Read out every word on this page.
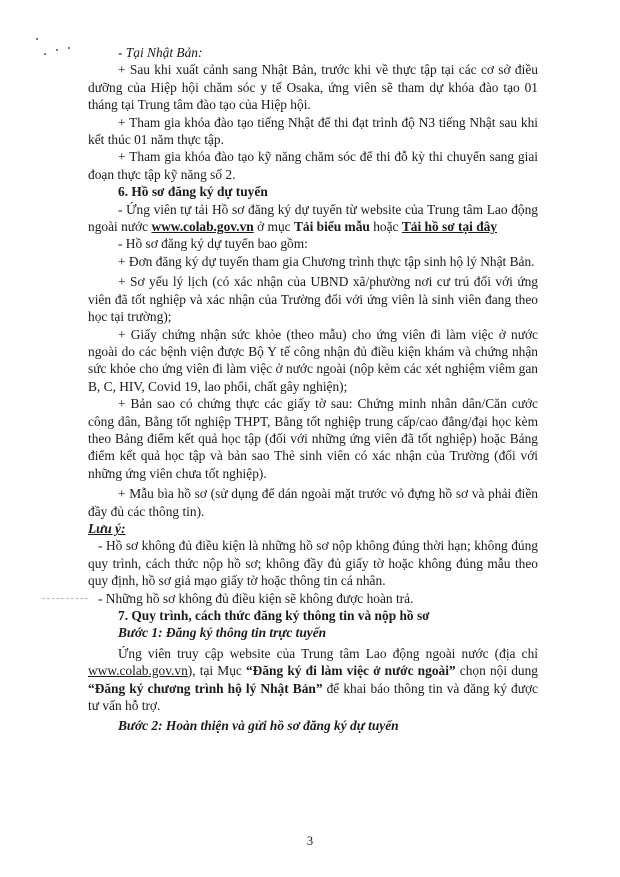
- Tại Nhật Bản:

+ Sau khi xuất cảnh sang Nhật Bản, trước khi về thực tập tại các cơ sở điều dưỡng của Hiệp hội chăm sóc y tế Osaka, ứng viên sẽ tham dự khóa đào tạo 01 tháng tại Trung tâm đào tạo của Hiệp hội.

+ Tham gia khóa đào tạo tiếng Nhật để thi đạt trình độ N3 tiếng Nhật sau khi kết thúc 01 năm thực tập.

+ Tham gia khóa đào tạo kỹ năng chăm sóc để thi đỗ kỳ thi chuyển sang giai đoạn thực tập kỹ năng số 2.

6. Hồ sơ đăng ký dự tuyển

- Ứng viên tự tải Hồ sơ đăng ký dự tuyển từ website của Trung tâm Lao động ngoài nước www.colab.gov.vn ở mục Tải biểu mẫu hoặc Tải hồ sơ tại đây

- Hồ sơ đăng ký dự tuyển bao gồm:

+ Đơn đăng ký dự tuyển tham gia Chương trình thực tập sinh hộ lý Nhật Bản.

+ Sơ yếu lý lịch (có xác nhận của UBND xã/phường nơi cư trú đối với ứng viên đã tốt nghiệp và xác nhận của Trường đối với ứng viên là sinh viên đang theo học tại trường);

+ Giấy chứng nhận sức khỏe (theo mẫu) cho ứng viên đi làm việc ở nước ngoài do các bệnh viện được Bộ Y tế công nhận đủ điều kiện khám và chứng nhận sức khỏe cho ứng viên đi làm việc ở nước ngoài (nộp kèm các xét nghiệm viêm gan B, C, HIV, Covid 19, lao phổi, chất gây nghiện);

+ Bản sao có chứng thực các giấy tờ sau: Chứng minh nhân dân/Căn cước công dân, Bằng tốt nghiệp THPT, Bằng tốt nghiệp trung cấp/cao đẳng/đại học kèm theo Bảng điểm kết quả học tập (đối với những ứng viên đã tốt nghiệp) hoặc Bảng điểm kết quả học tập và bản sao Thẻ sinh viên có xác nhận của Trường (đối với những ứng viên chưa tốt nghiệp).

+ Mẫu bìa hồ sơ (sử dụng để dán ngoài mặt trước vỏ đựng hồ sơ và phải điền đầy đủ các thông tin).

Lưu ý:

- Hồ sơ không đủ điều kiện là những hồ sơ nộp không đúng thời hạn; không đúng quy trình, cách thức nộp hồ sơ; không đầy đủ giấy tờ hoặc không đúng mẫu theo quy định, hồ sơ giả mạo giấy tờ hoặc thông tin cá nhân.

- Những hồ sơ không đủ điều kiện sẽ không được hoàn trả.

7. Quy trình, cách thức đăng ký thông tin và nộp hồ sơ

Bước 1: Đăng ký thông tin trực tuyến

Ứng viên truy cập website của Trung tâm Lao động ngoài nước (địa chỉ www.colab.gov.vn), tại Mục “Đăng ký đi làm việc ở nước ngoài” chọn nội dung “Đăng ký chương trình hộ lý Nhật Bản” để khai báo thông tin và đăng ký được tư vấn hỗ trợ.

Bước 2: Hoàn thiện và gửi hồ sơ đăng ký dự tuyển

3
